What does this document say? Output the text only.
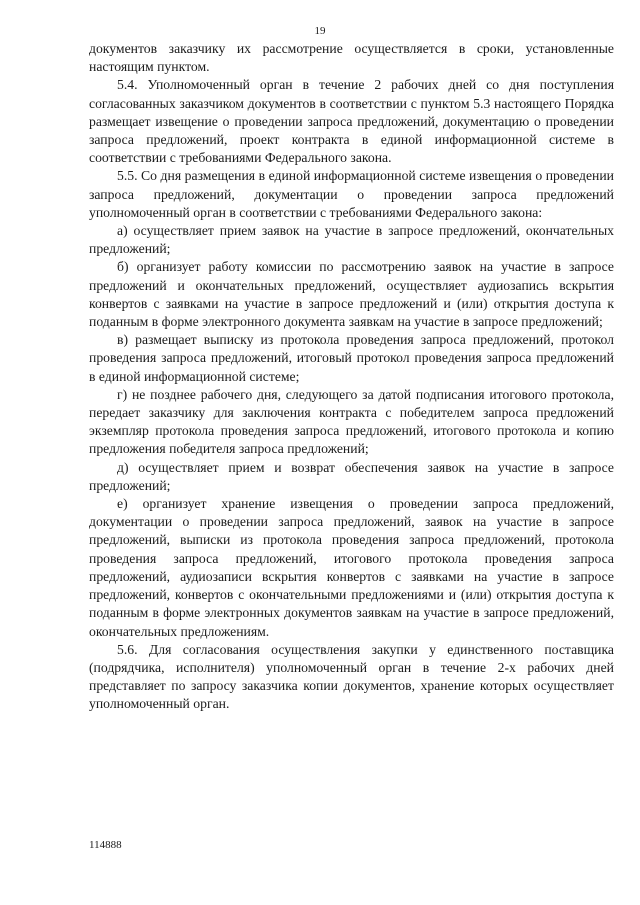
19

документов заказчику их рассмотрение осуществляется в сроки, установленные настоящим пунктом.

5.4. Уполномоченный орган в течение 2 рабочих дней со дня поступления согласованных заказчиком документов в соответствии с пунктом 5.3 настоящего Порядка размещает извещение о проведении запроса предложений, документацию о проведении запроса предложений, проект контракта в единой информационной системе в соответствии с требованиями Федерального закона.

5.5. Со дня размещения в единой информационной системе извещения о проведении запроса предложений, документации о проведении запроса предложений уполномоченный орган в соответствии с требованиями Федерального закона:

а) осуществляет прием заявок на участие в запросе предложений, окончательных предложений;

б) организует работу комиссии по рассмотрению заявок на участие в запросе предложений и окончательных предложений, осуществляет аудиозапись вскрытия конвертов с заявками на участие в запросе предложений и (или) открытия доступа к поданным в форме электронного документа заявкам на участие в запросе предложений;

в) размещает выписку из протокола проведения запроса предложений, протокол проведения запроса предложений, итоговый протокол проведения запроса предложений в единой информационной системе;

г) не позднее рабочего дня, следующего за датой подписания итогового протокола, передает заказчику для заключения контракта с победителем запроса предложений экземпляр протокола проведения запроса предложений, итогового протокола и копию предложения победителя запроса предложений;

д) осуществляет прием и возврат обеспечения заявок на участие в запросе предложений;

е) организует хранение извещения о проведении запроса предложений, документации о проведении запроса предложений, заявок на участие в запросе предложений, выписки из протокола проведения запроса предложений, протокола проведения запроса предложений, итогового протокола проведения запроса предложений, аудиозаписи вскрытия конвертов с заявками на участие в запросе предложений, конвертов с окончательными предложениями и (или) открытия доступа к поданным в форме электронных документов заявкам на участие в запросе предложений, окончательных предложениям.

5.6. Для согласования осуществления закупки у единственного поставщика (подрядчика, исполнителя) уполномоченный орган в течение 2-х рабочих дней представляет по запросу заказчика копии документов, хранение которых осуществляет уполномоченный орган.

114888
